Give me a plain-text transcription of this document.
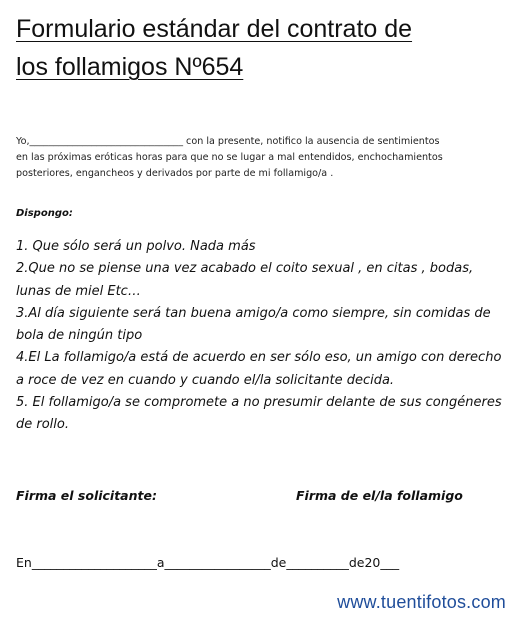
Formulario estándar del contrato de
los follamigos Nº654
Yo,________________________________ con la presente, notifico la ausencia de sentimientos
en las próximas eróticas horas para que no se lugar a mal entendidos, enchochamientos
posteriores, engancheos y derivados por parte de mi follamigo/a .
Dispongo:
1. Que sólo será un polvo. Nada más
2.Que no se piense una vez acabado el coito sexual , en citas , bodas,
lunas de miel Etc…
3.Al día siguiente será tan buena amigo/a como siempre, sin comidas de
bola de ningún tipo
4.El La follamigo/a está de acuerdo en ser sólo eso, un amigo con derecho
a roce de vez en cuando y cuando el/la solicitante decida.
5. El follamigo/a se compromete a no presumir delante de sus congéneres
de rollo.
Firma el solicitante:	Firma de el/la follamigo
En____________________a_________________de__________de20___
www.tuentifotos.com
